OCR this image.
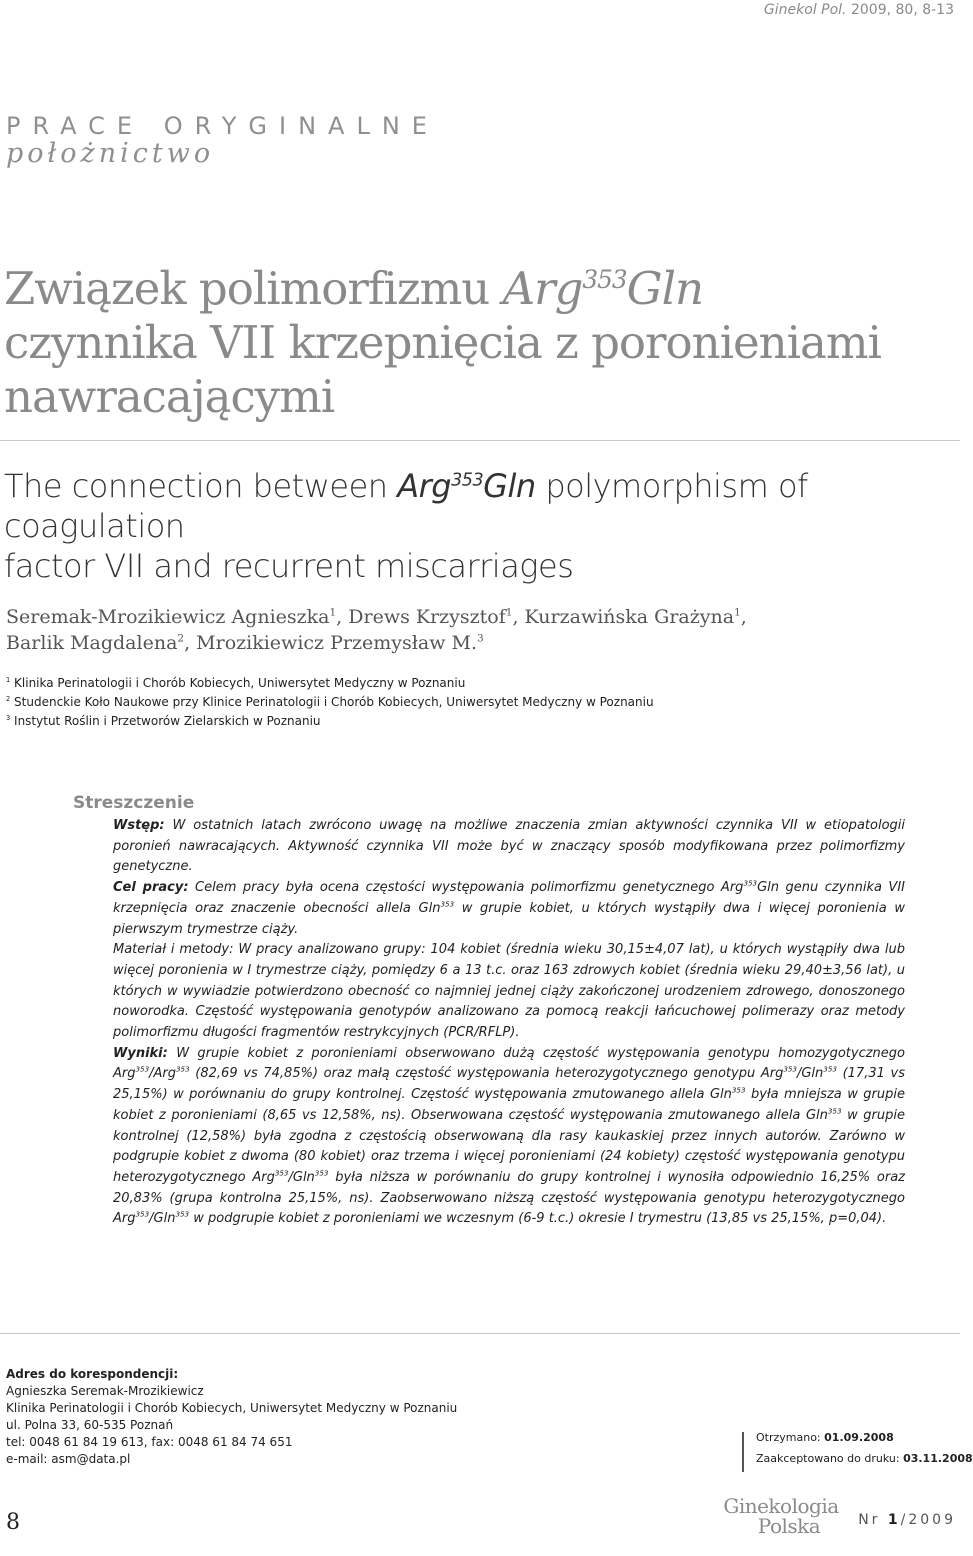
Ginekol Pol. 2009, 80, 8-13
PRACE ORYGINALNE
położnictwo
Związek polimorfizmu Arg$^{353}$Gln
czynnika VII krzepnięcia z poronieniami
nawracającymi
The connection between Arg$^{353}$Gln polymorphism of coagulation
factor VII and recurrent miscarriages
Seremak-Mrozikiewicz Agnieszka$^1$, Drews Krzysztof$^1$, Kurzawińska Grażyna$^1$,
Barlik Magdalena$^2$, Mrozikiewicz Przemysław M.$^3$
$^1$ Klinika Perinatologii i Chorób Kobiecych, Uniwersytet Medyczny w Poznaniu
$^2$ Studenckie Koło Naukowe przy Klinice Perinatologii i Chorób Kobiecych, Uniwersytet Medyczny w Poznaniu
$^3$ Instytut Roślin i Przetworów Zielarskich w Poznaniu
Streszczenie

Wstęp: W ostatnich latach zwrócono uwagę na możliwe znaczenia zmian aktywności czynnika VII w etiopatologii poronień nawracających. Aktywność czynnika VII może być w znaczący sposób modyfikowana przez polimorfizmy genetyczne.

Cel pracy: Celem pracy była ocena częstości występowania polimorfizmu genetycznego Arg$^{353}$Gln genu czynnika VII krzepnięcia oraz znaczenie obecności allela Gln$^{353}$ w grupie kobiet, u których wystąpiły dwa i więcej poronienia w pierwszym trymestrze ciąży.

Materiał i metody: W pracy analizowano grupy: 104 kobiet (średnia wieku 30,15±4,07 lat), u których wystąpiły dwa lub więcej poronienia w I trymestrze ciąży, pomiędzy 6 a 13 t.c. oraz 163 zdrowych kobiet (średnia wieku 29,40±3,56 lat), u których w wywiadzie potwierdzono obecność co najmniej jednej ciąży zakończonej urodzeniem zdrowego, donoszonego noworodka. Częstość występowania genotypów analizowano za pomocą reakcji łańcuchowej polimerazy oraz metody polimorfizmu długości fragmentów restrykcyjnych (PCR/RFLP).

Wyniki: W grupie kobiet z poronieniami obserwowano dużą częstość występowania genotypu homozygotycznego Arg$^{353}$/Arg$^{353}$ (82,69 vs 74,85%) oraz małą częstość występowania heterozygotycznego genotypu Arg$^{353}$/Gln$^{353}$ (17,31 vs 25,15%) w porównaniu do grupy kontrolnej. Częstość występowania zmutowanego allela Gln$^{353}$ była mniejsza w grupie kobiet z poronieniami (8,65 vs 12,58%, ns). Obserwowana częstość występowania zmutowanego allela Gln$^{353}$ w grupie kontrolnej (12,58%) była zgodna z częstością obserwowaną dla rasy kaukaskiej przez innych autorów. Zarówno w podgrupie kobiet z dwoma (80 kobiet) oraz trzema i więcej poronieniami (24 kobiety) częstość występowania genotypu heterozygotycznego Arg$^{353}$/Gln$^{353}$ była niższa w porównaniu do grupy kontrolnej i wynosiła odpowiednio 16,25% oraz 20,83% (grupa kontrolna 25,15%, ns). Zaobserwowano niższą częstość występowania genotypu heterozygotycznego Arg$^{353}$/Gln$^{353}$ w podgrupie kobiet z poronieniami we wczesnym (6-9 t.c.) okresie I trymestru (13,85 vs 25,15%, p=0,04).

Adres do korespondencji:
Agnieszka Seremak-Mrozikiewicz
Klinika Perinatologii i Chorób Kobiecych, Uniwersytet Medyczny w Poznaniu
ul. Polna 33, 60-535 Poznań
tel: 0048 61 84 19 613, fax: 0048 61 84 74 651
e-mail: asm@data.pl
Otrzymano: 01.09.2008
Zaakceptowano do druku: 03.11.2008
8
Ginekologia
Polska	Nr 1/2009
